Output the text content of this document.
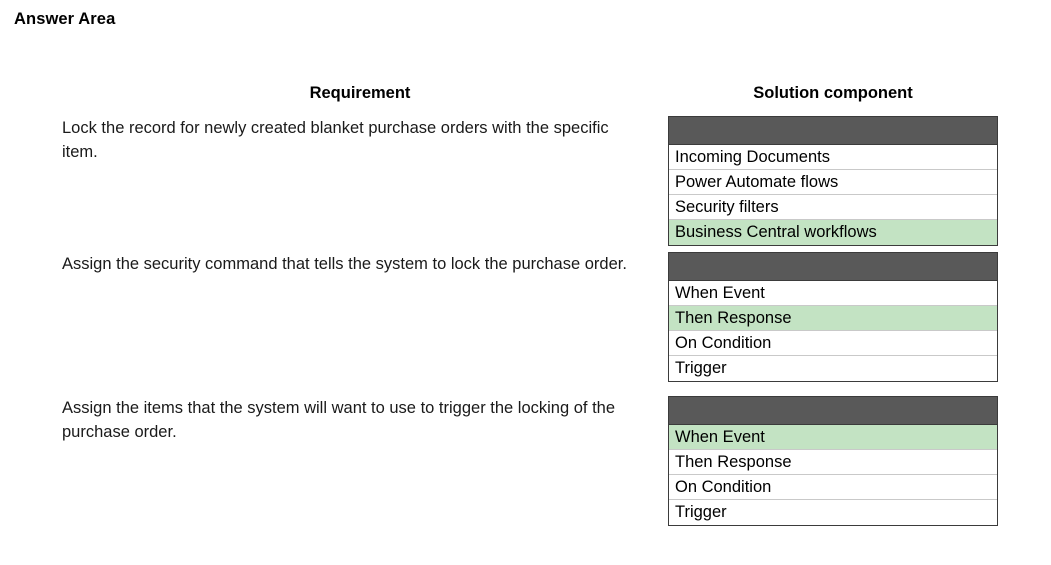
Answer Area
Requirement	Solution component
Lock the record for newly created blanket purchase orders with the specific item.	Incoming Documents
Power Automate flows
Security filters
Business Central workflows
Assign the security command that tells the system to lock the purchase order.
When Event
Then Response
On Condition
Trigger
Assign the items that the system will want to use to trigger the locking of the purchase order.	When Event
Then Response
On Condition
Trigger
